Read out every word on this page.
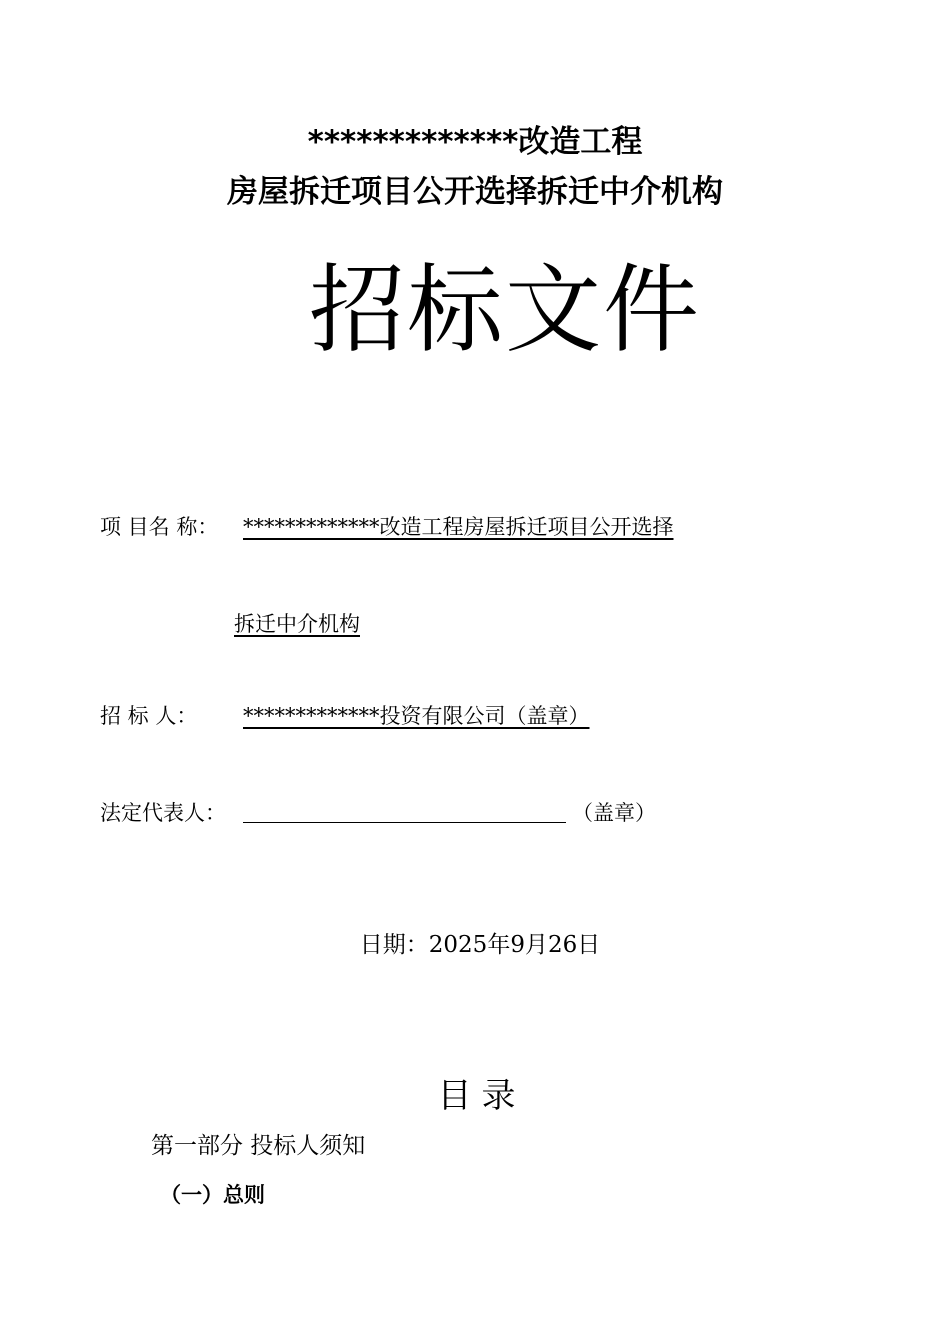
*************改造工程
房屋拆迁项目公开选择拆迁中介机构
招标文件
项 目名 称： *************改造工程房屋拆迁项目公开选择
拆迁中介机构
招 标 人： *************投资有限公司（盖章）
法定代表人：	（盖章）
日期：2025年9月26日
目录
第一部分 投标人须知
（一）总则
